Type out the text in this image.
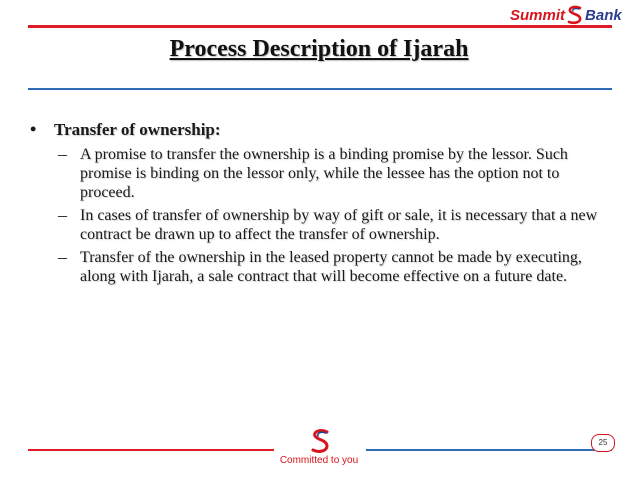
Summit Bank
Process Description of Ijarah
•	Transfer of ownership:
– A promise to transfer the ownership is a binding promise by the lessor. Such promise is binding on the lessor only, while the lessee has the option not to proceed.
– In cases of transfer of ownership by way of gift or sale, it is necessary that a new contract be drawn up to affect the transfer of ownership.
– Transfer of the ownership in the leased property cannot be made by executing, along with Ijarah, a sale contract that will become effective on a future date.
Committed to you
25
